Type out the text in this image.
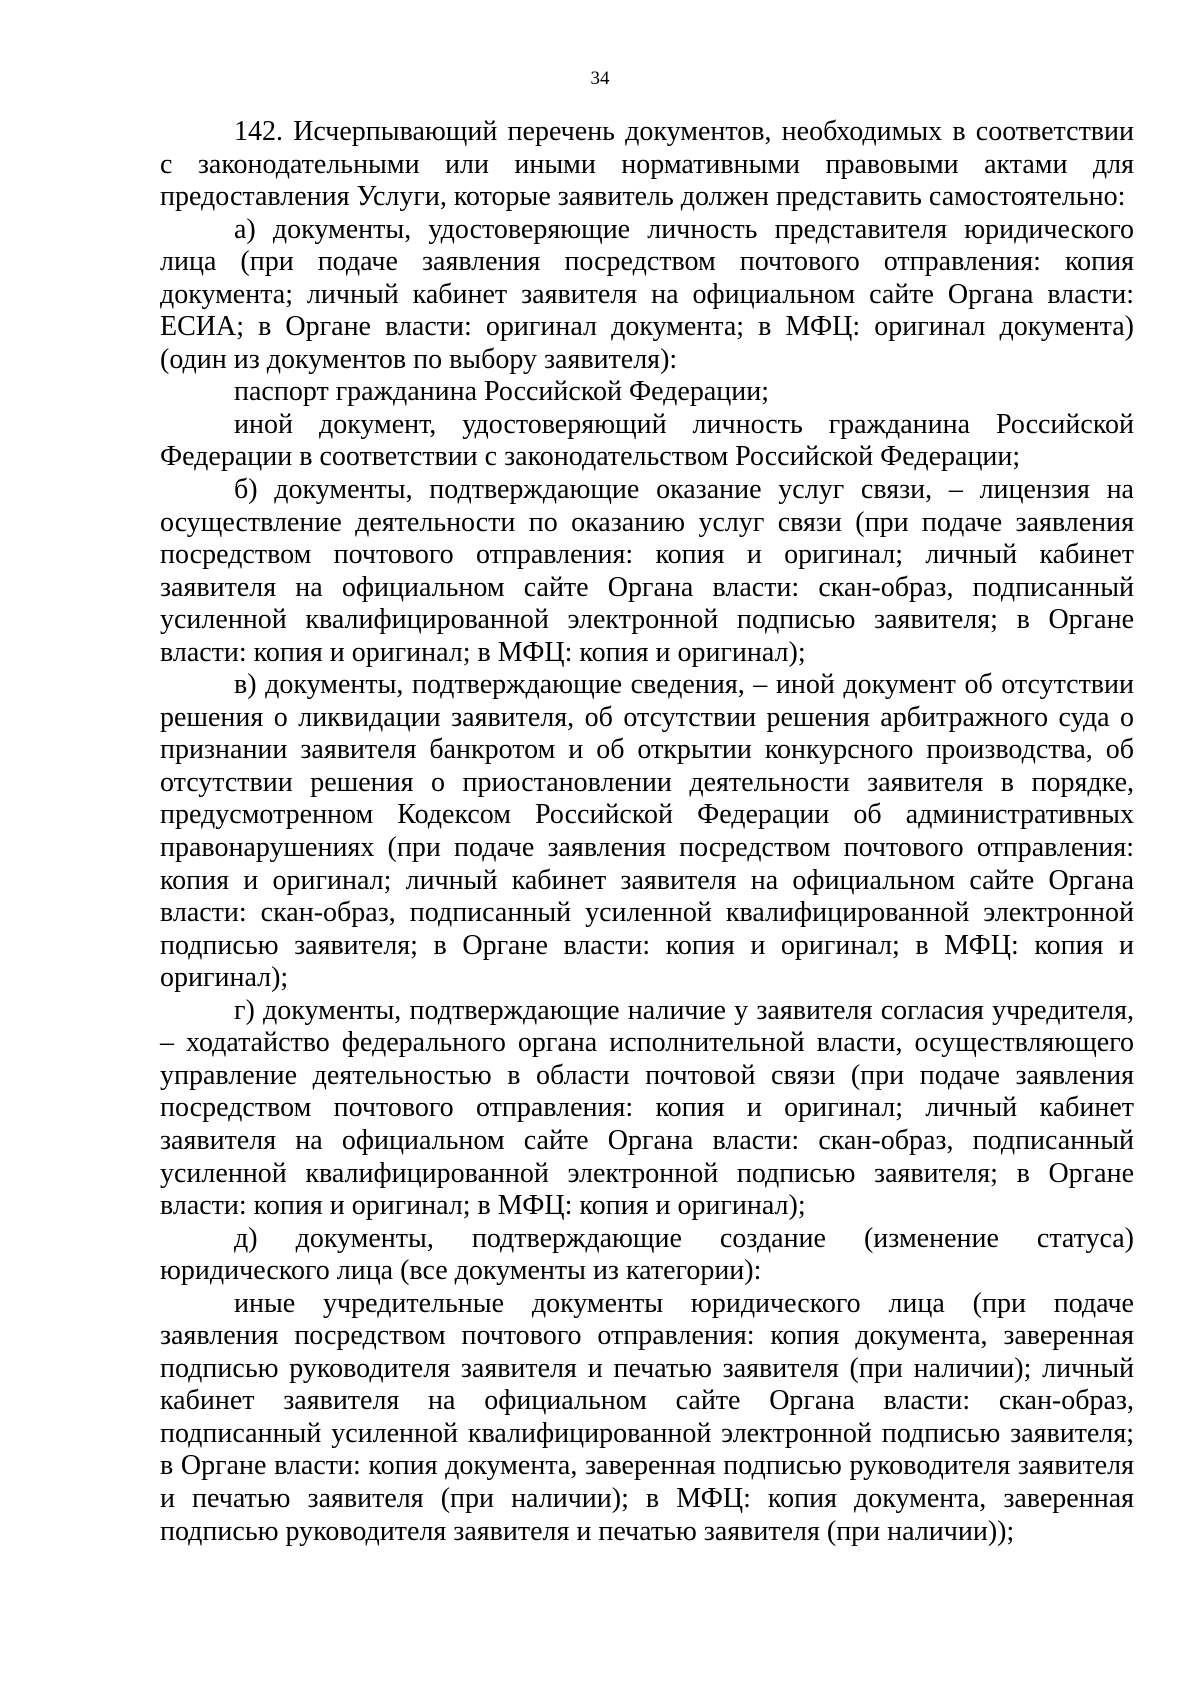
34

142. Исчерпывающий перечень документов, необходимых в соответствии с законодательными или иными нормативными правовыми актами для предоставления Услуги, которые заявитель должен представить самостоятельно:

а) документы, удостоверяющие личность представителя юридического лица (при подаче заявления посредством почтового отправления: копия документа; личный кабинет заявителя на официальном сайте Органа власти: ЕСИА; в Органе власти: оригинал документа; в МФЦ: оригинал документа) (один из документов по выбору заявителя):

паспорт гражданина Российской Федерации;

иной документ, удостоверяющий личность гражданина Российской Федерации в соответствии с законодательством Российской Федерации;

б) документы, подтверждающие оказание услуг связи, – лицензия на осуществление деятельности по оказанию услуг связи (при подаче заявления посредством почтового отправления: копия и оригинал; личный кабинет заявителя на официальном сайте Органа власти: скан-образ, подписанный усиленной квалифицированной электронной подписью заявителя; в Органе власти: копия и оригинал; в МФЦ: копия и оригинал);

в) документы, подтверждающие сведения, – иной документ об отсутствии решения о ликвидации заявителя, об отсутствии решения арбитражного суда о признании заявителя банкротом и об открытии конкурсного производства, об отсутствии решения о приостановлении деятельности заявителя в порядке, предусмотренном Кодексом Российской Федерации об административных правонарушениях (при подаче заявления посредством почтового отправления: копия и оригинал; личный кабинет заявителя на официальном сайте Органа власти: скан-образ, подписанный усиленной квалифицированной электронной подписью заявителя; в Органе власти: копия и оригинал; в МФЦ: копия и оригинал);

г) документы, подтверждающие наличие у заявителя согласия учредителя, – ходатайство федерального органа исполнительной власти, осуществляющего управление деятельностью в области почтовой связи (при подаче заявления посредством почтового отправления: копия и оригинал; личный кабинет заявителя на официальном сайте Органа власти: скан-образ, подписанный усиленной квалифицированной электронной подписью заявителя; в Органе власти: копия и оригинал; в МФЦ: копия и оригинал);

д) документы, подтверждающие создание (изменение статуса) юридического лица (все документы из категории):

иные учредительные документы юридического лица (при подаче заявления посредством почтового отправления: копия документа, заверенная подписью руководителя заявителя и печатью заявителя (при наличии); личный кабинет заявителя на официальном сайте Органа власти: скан-образ, подписанный усиленной квалифицированной электронной подписью заявителя; в Органе власти: копия документа, заверенная подписью руководителя заявителя и печатью заявителя (при наличии); в МФЦ: копия документа, заверенная подписью руководителя заявителя и печатью заявителя (при наличии));
